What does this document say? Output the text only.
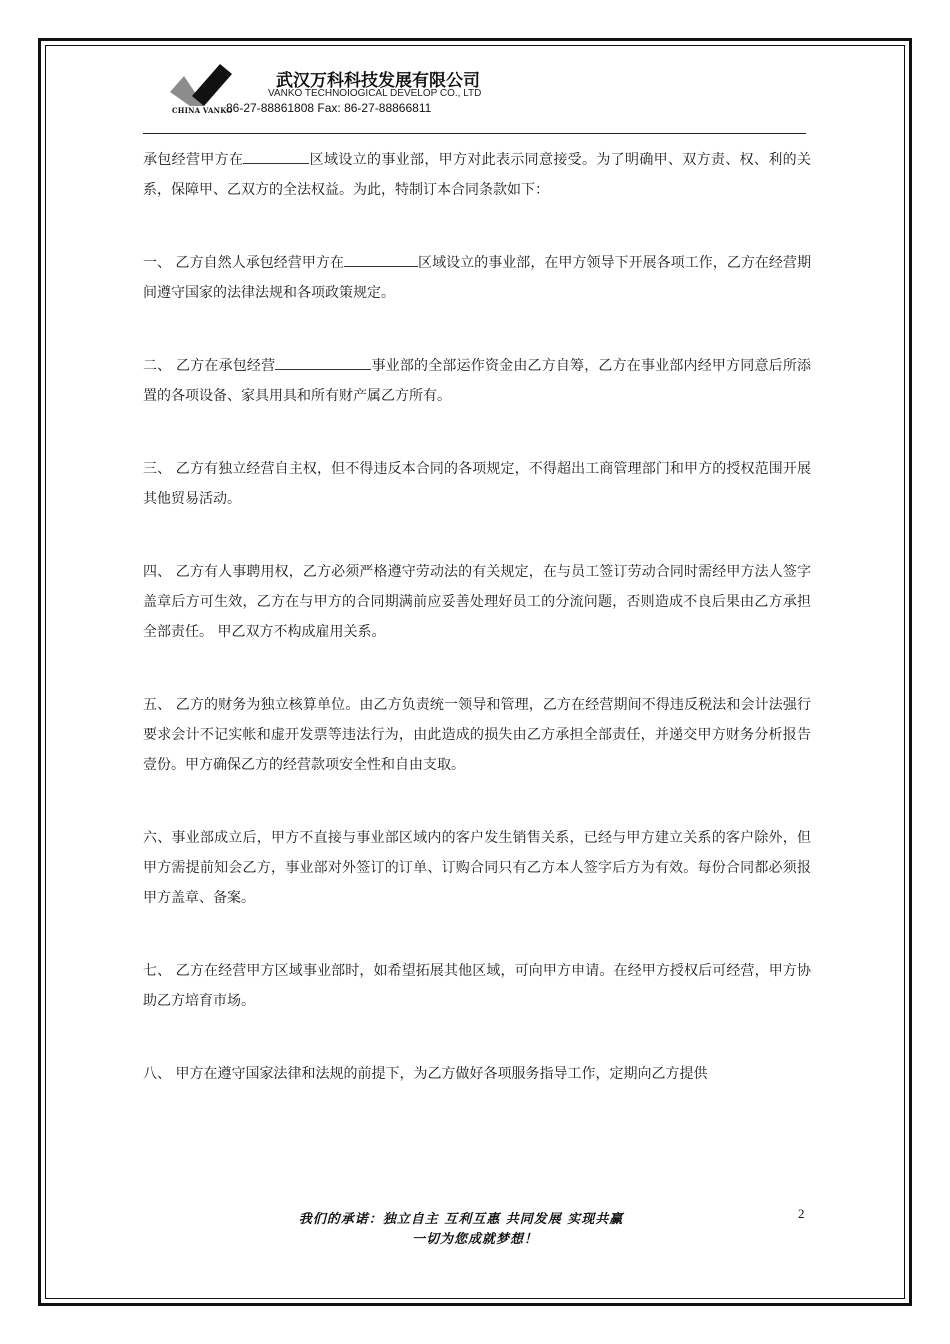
CHINA VANKO
武汉万科科技发展有限公司
VANKO TECHNOIOGICAL DEVELOP CO., LTD
86-27-88861808 Fax: 86-27-88866811

承包经营甲方在	区域设立的事业部，甲方对此表示同意接受。为了明确甲、双方责、权、利的关系，保障甲、乙双方的全法权益。为此，特制订本合同条款如下：

一、 乙方自然人承包经营甲方在	区域设立的事业部，在甲方领导下开展各项工作，乙方在经营期间遵守国家的法律法规和各项政策规定。

二、 乙方在承包经营	事业部的全部运作资金由乙方自筹，乙方在事业部内经甲方同意后所添置的各项设备、家具用具和所有财产属乙方所有。

三、 乙方有独立经营自主权，但不得违反本合同的各项规定，不得超出工商管理部门和甲方的授权范围开展其他贸易活动。

四、 乙方有人事聘用权，乙方必须严格遵守劳动法的有关规定，在与员工签订劳动合同时需经甲方法人签字盖章后方可生效，乙方在与甲方的合同期满前应妥善处理好员工的分流问题，否则造成不良后果由乙方承担全部责任。 甲乙双方不构成雇用关系。

五、 乙方的财务为独立核算单位。由乙方负责统一领导和管理，乙方在经营期间不得违反税法和会计法强行要求会计不记实帐和虚开发票等违法行为，由此造成的损失由乙方承担全部责任，并递交甲方财务分析报告壹份。甲方确保乙方的经营款项安全性和自由支取。

六、事业部成立后，甲方不直接与事业部区域内的客户发生销售关系，已经与甲方建立关系的客户除外，但甲方需提前知会乙方，事业部对外签订的订单、订购合同只有乙方本人签字后方为有效。每份合同都必须报甲方盖章、备案。

七、 乙方在经营甲方区域事业部时，如希望拓展其他区域，可向甲方申请。在经甲方授权后可经营，甲方协助乙方培育市场。

八、 甲方在遵守国家法律和法规的前提下，为乙方做好各项服务指导工作，定期向乙方提供

我们的承诺：独立自主 互利互惠 共同发展 实现共赢
一切为您成就梦想！
2
